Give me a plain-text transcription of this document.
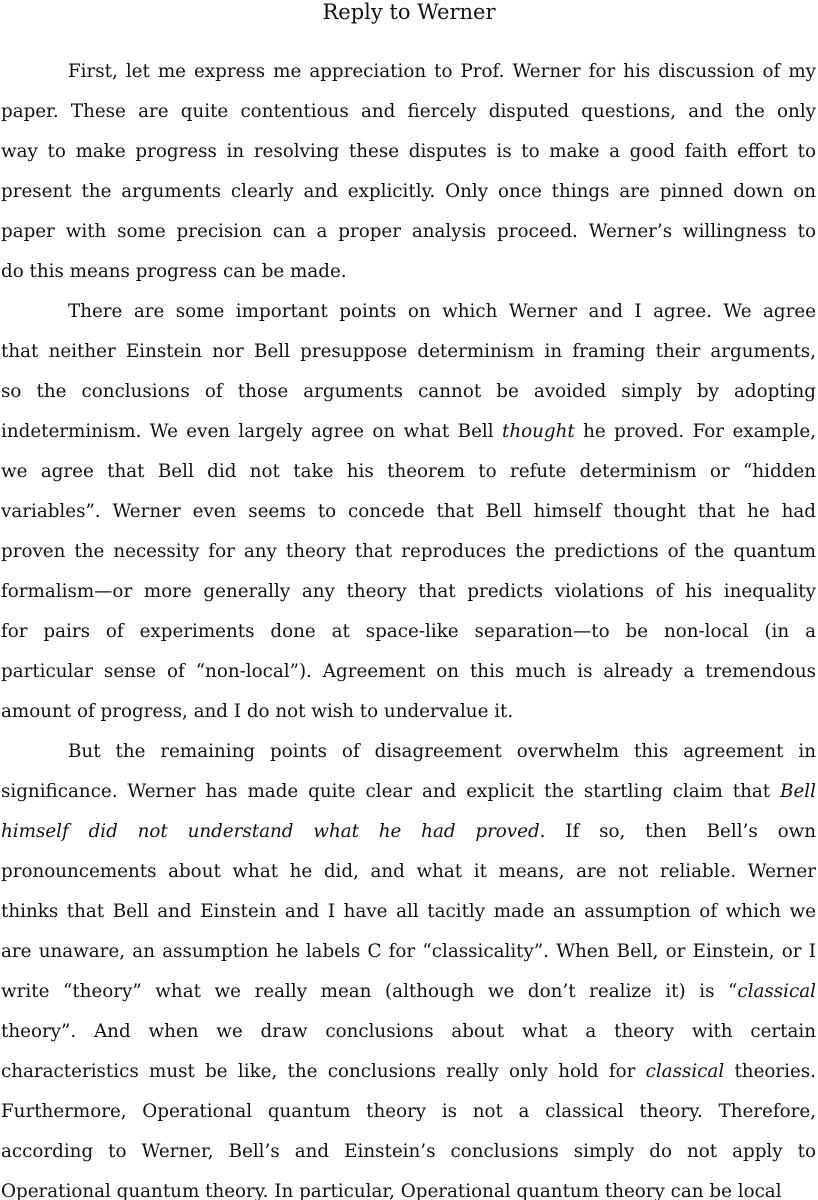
Reply to Werner
First, let me express me appreciation to Prof. Werner for his discussion of my
paper. These are quite contentious and fiercely disputed questions, and the only
way to make progress in resolving these disputes is to make a good faith effort to
present the arguments clearly and explicitly. Only once things are pinned down on
paper with some precision can a proper analysis proceed. Werner’s willingness to
do this means progress can be made.
There are some important points on which Werner and I agree. We agree
that neither Einstein nor Bell presuppose determinism in framing their arguments,
so the conclusions of those arguments cannot be avoided simply by adopting
indeterminism. We even largely agree on what Bell thought he proved. For example,
we agree that Bell did not take his theorem to refute determinism or “hidden
variables”. Werner even seems to concede that Bell himself thought that he had
proven the necessity for any theory that reproduces the predictions of the quantum
formalism—or more generally any theory that predicts violations of his inequality
for pairs of experiments done at space-like separation—to be non-local (in a
particular sense of “non-local”). Agreement on this much is already a tremendous
amount of progress, and I do not wish to undervalue it.
But the remaining points of disagreement overwhelm this agreement in
significance. Werner has made quite clear and explicit the startling claim that Bell
himself did not understand what he had proved. If so, then Bell’s own
pronouncements about what he did, and what it means, are not reliable. Werner
thinks that Bell and Einstein and I have all tacitly made an assumption of which we
are unaware, an assumption he labels C for “classicality”. When Bell, or Einstein, or I
write “theory” what we really mean (although we don’t realize it) is “classical
theory”. And when we draw conclusions about what a theory with certain
characteristics must be like, the conclusions really only hold for classical theories.
Furthermore, Operational quantum theory is not a classical theory. Therefore,
according to Werner, Bell’s and Einstein’s conclusions simply do not apply to
Operational quantum theory. In particular, Operational quantum theory can be local
